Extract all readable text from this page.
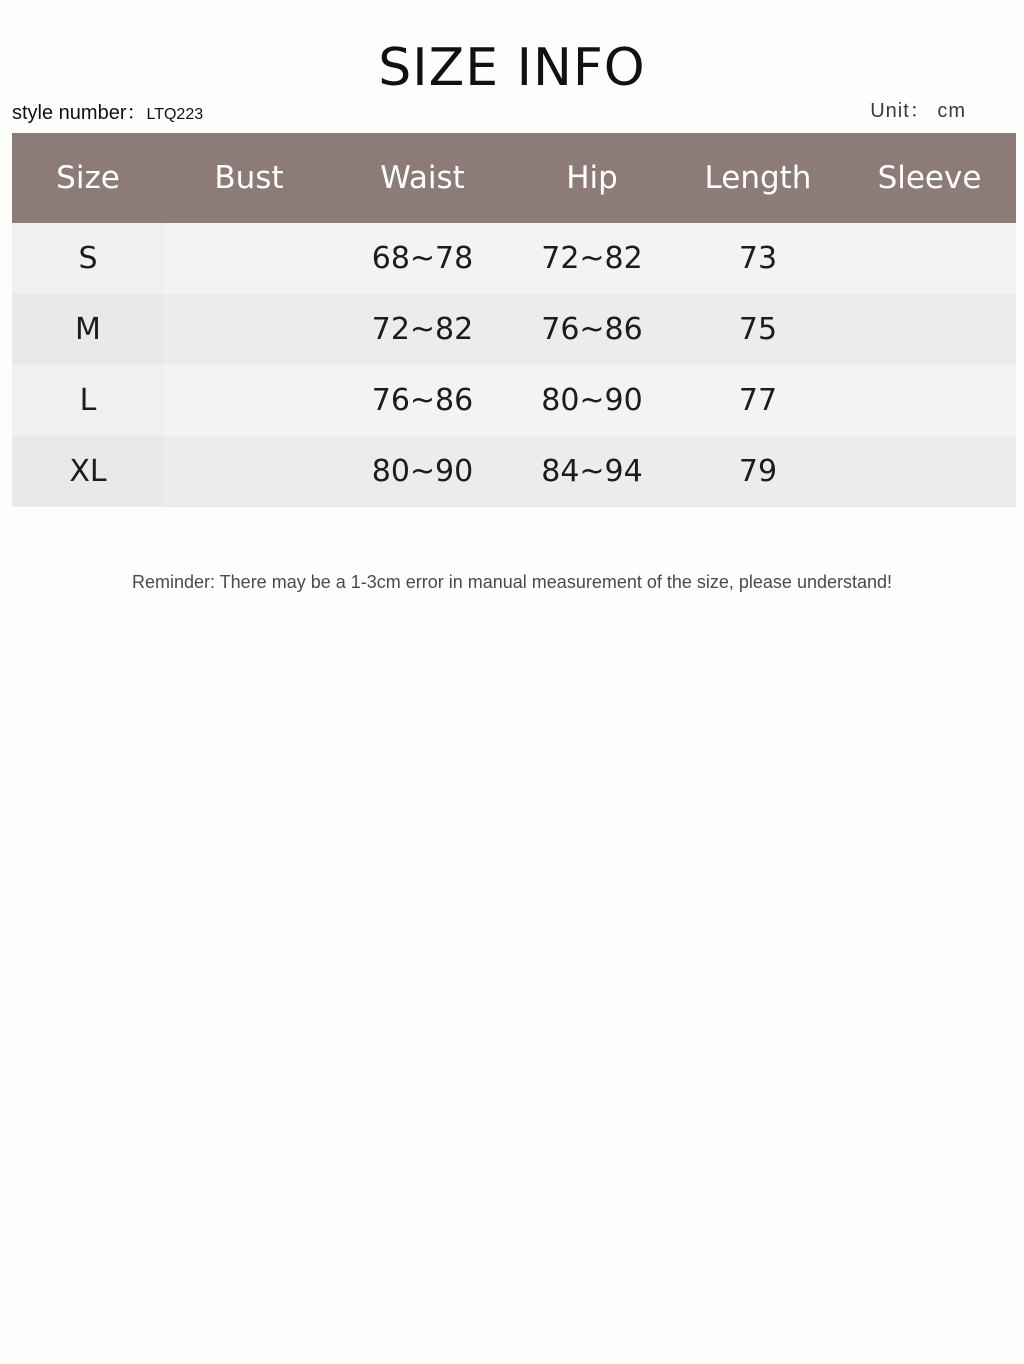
SIZE INFO
style number：LTQ223	Unit： cm
Size	Bust	Waist	Hip	Length	Sleeve
S		68~78	72~82	73	
M		72~82	76~86	75	
L		76~86	80~90	77	
XL		80~90	84~94	79	
Reminder: There may be a 1-3cm error in manual measurement of the size, please understand!
